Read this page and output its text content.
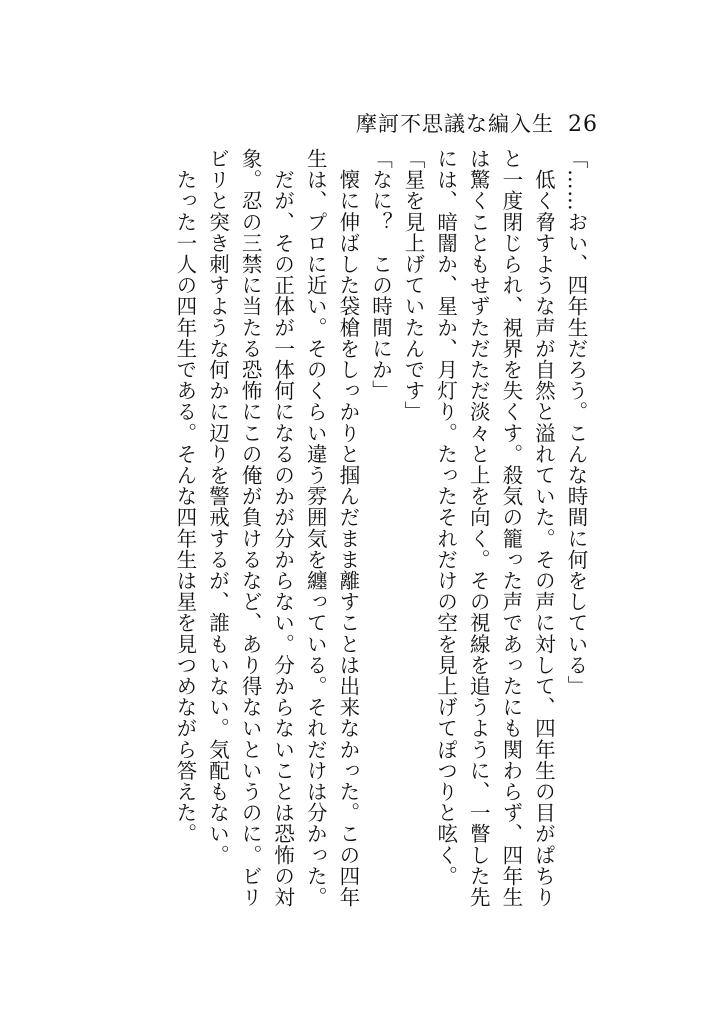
摩訶不思議な編入生 26

「……おい、四年生だろう。こんな時間に何をしている」

　低く脅すような声が自然と溢れていた。その声に対して、四年生の目がぱちり

と一度閉じられ、視界を失くす。殺気の籠った声であったにも関わらず、四年生

は驚くこともせずただただ淡々と上を向く。その視線を追うように、一瞥した先

には、暗闇か、星か、月灯り。たったそれだけの空を見上げてぽつりと呟く。

「星を見上げていたんです」

「なに？　この時間にか」

　懐に伸ばした袋槍をしっかりと掴んだまま離すことは出来なかった。この四年

生は、プロに近い。そのくらい違う雰囲気を纏っている。それだけは分かった。

　だが、その正体が一体何になるのかが分からない。分からないことは恐怖の対

象。忍の三禁に当たる恐怖にこの俺が負けるなど、あり得ないというのに。ビリ

ビリと突き刺すような何かに辺りを警戒するが、誰もいない。気配もない。

　たった一人の四年生である。そんな四年生は星を見つめながら答えた。
